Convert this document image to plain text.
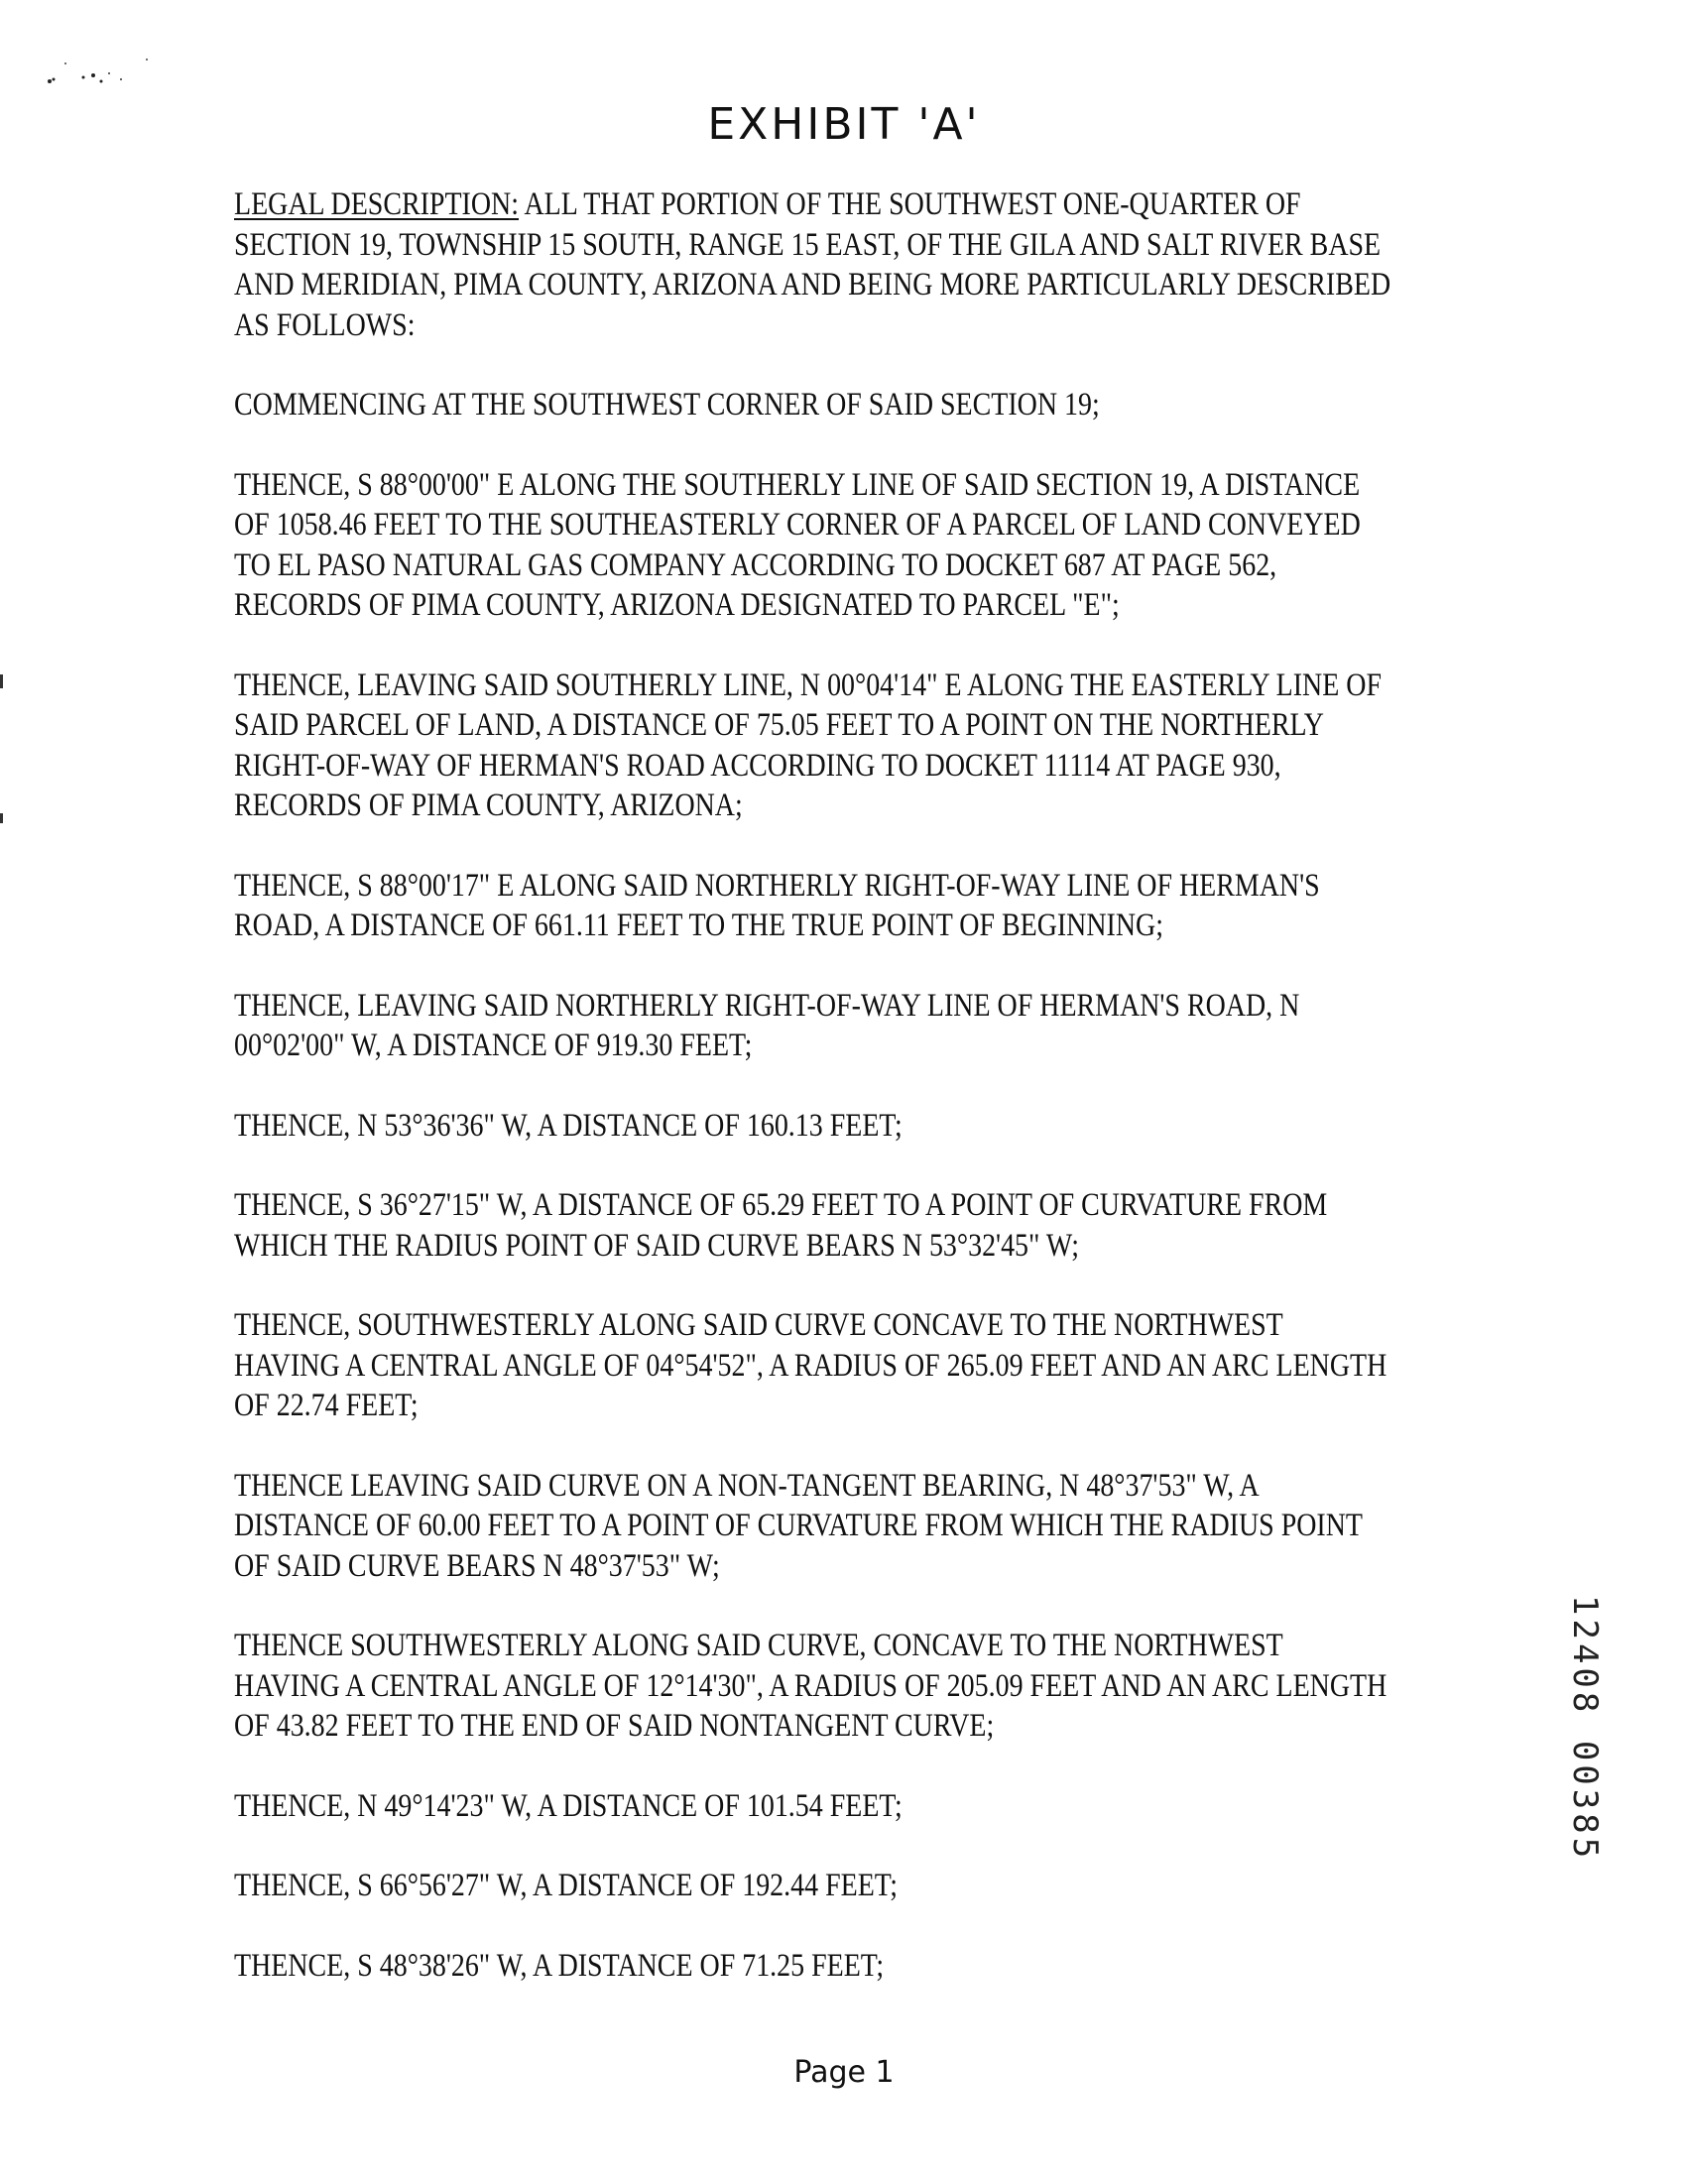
EXHIBIT 'A'
LEGAL DESCRIPTION: ALL THAT PORTION OF THE SOUTHWEST ONE-QUARTER OF
SECTION 19, TOWNSHIP 15 SOUTH, RANGE 15 EAST, OF THE GILA AND SALT RIVER BASE
AND MERIDIAN, PIMA COUNTY, ARIZONA AND BEING MORE PARTICULARLY DESCRIBED
AS FOLLOWS:
COMMENCING AT THE SOUTHWEST CORNER OF SAID SECTION 19;
THENCE, S 88°00'00" E ALONG THE SOUTHERLY LINE OF SAID SECTION 19, A DISTANCE
OF 1058.46 FEET TO THE SOUTHEASTERLY CORNER OF A PARCEL OF LAND CONVEYED
TO EL PASO NATURAL GAS COMPANY ACCORDING TO DOCKET 687 AT PAGE 562,
RECORDS OF PIMA COUNTY, ARIZONA DESIGNATED TO PARCEL "E";
THENCE, LEAVING SAID SOUTHERLY LINE, N 00°04'14" E ALONG THE EASTERLY LINE OF
SAID PARCEL OF LAND, A DISTANCE OF 75.05 FEET TO A POINT ON THE NORTHERLY
RIGHT-OF-WAY OF HERMAN'S ROAD ACCORDING TO DOCKET 11114 AT PAGE 930,
RECORDS OF PIMA COUNTY, ARIZONA;
THENCE, S 88°00'17" E ALONG SAID NORTHERLY RIGHT-OF-WAY LINE OF HERMAN'S
ROAD, A DISTANCE OF 661.11 FEET TO THE TRUE POINT OF BEGINNING;
THENCE, LEAVING SAID NORTHERLY RIGHT-OF-WAY LINE OF HERMAN'S ROAD, N
00°02'00" W, A DISTANCE OF 919.30 FEET;
THENCE, N 53°36'36" W, A DISTANCE OF 160.13 FEET;
THENCE, S 36°27'15" W, A DISTANCE OF 65.29 FEET TO A POINT OF CURVATURE FROM
WHICH THE RADIUS POINT OF SAID CURVE BEARS N 53°32'45" W;
THENCE, SOUTHWESTERLY ALONG SAID CURVE CONCAVE TO THE NORTHWEST
HAVING A CENTRAL ANGLE OF 04°54'52", A RADIUS OF 265.09 FEET AND AN ARC LENGTH
OF 22.74 FEET;
THENCE LEAVING SAID CURVE ON A NON-TANGENT BEARING, N 48°37'53" W, A
DISTANCE OF 60.00 FEET TO A POINT OF CURVATURE FROM WHICH THE RADIUS POINT
OF SAID CURVE BEARS N 48°37'53" W;
THENCE SOUTHWESTERLY ALONG SAID CURVE, CONCAVE TO THE NORTHWEST
HAVING A CENTRAL ANGLE OF 12°14'30", A RADIUS OF 205.09 FEET AND AN ARC LENGTH
OF 43.82 FEET TO THE END OF SAID NONTANGENT CURVE;
THENCE, N 49°14'23" W, A DISTANCE OF 101.54 FEET;
THENCE, S 66°56'27" W, A DISTANCE OF 192.44 FEET;
THENCE, S 48°38'26" W, A DISTANCE OF 71.25 FEET;
12408 00385
Page 1
